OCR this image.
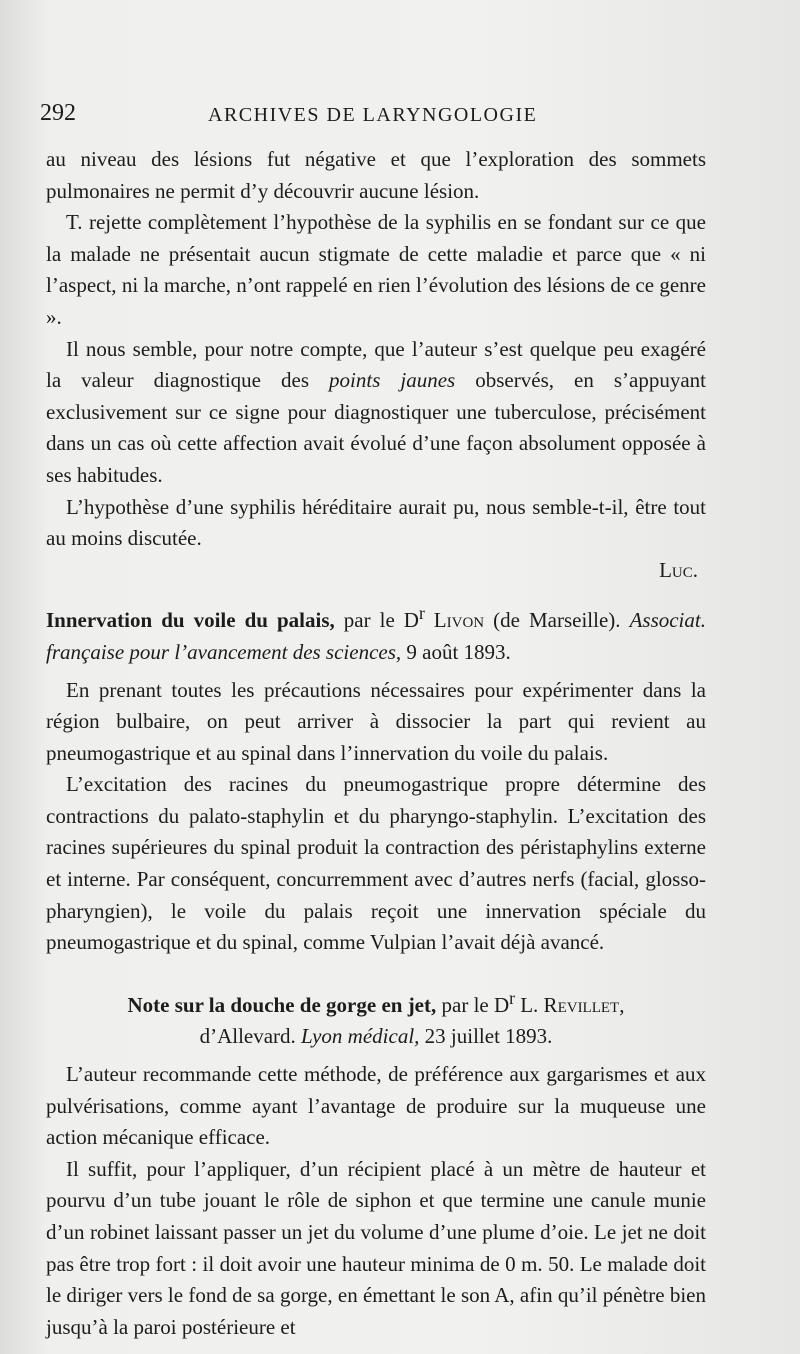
292	ARCHIVES DE LARYNGOLOGIE

au niveau des lésions fut négative et que l’exploration des sommets pulmonaires ne permit d’y découvrir aucune lésion.

T. rejette complètement l’hypothèse de la syphilis en se fondant sur ce que la malade ne présentait aucun stigmate de cette maladie et parce que « ni l’aspect, ni la marche, n’ont rappelé en rien l’évolution des lésions de ce genre ».

Il nous semble, pour notre compte, que l’auteur s’est quelque peu exagéré la valeur diagnostique des points jaunes observés, en s’appuyant exclusivement sur ce signe pour diagnostiquer une tuberculose, précisément dans un cas où cette affection avait évolué d’une façon absolument opposée à ses habitudes.

L’hypothèse d’une syphilis héréditaire aurait pu, nous semble-t-il, être tout au moins discutée.

Luc.

Innervation du voile du palais, par le $D^r$ Livon (de Marseille). Associat. française pour l’avancement des sciences, 9 août 1893.

En prenant toutes les précautions nécessaires pour expérimenter dans la région bulbaire, on peut arriver à dissocier la part qui revient au pneumogastrique et au spinal dans l’innervation du voile du palais.

L’excitation des racines du pneumogastrique propre détermine des contractions du palato-staphylin et du pharyngo-staphylin. L’excitation des racines supérieures du spinal produit la contraction des péristaphylins externe et interne. Par conséquent, concurremment avec d’autres nerfs (facial, glosso-pharyngien), le voile du palais reçoit une innervation spéciale du pneumogastrique et du spinal, comme Vulpian l’avait déjà avancé.

Note sur la douche de gorge en jet, par le $D^r$ L. Revillet,
d’Allevard. Lyon médical, 23 juillet 1893.

L’auteur recommande cette méthode, de préférence aux gargarismes et aux pulvérisations, comme ayant l’avantage de produire sur la muqueuse une action mécanique efficace.

Il suffit, pour l’appliquer, d’un récipient placé à un mètre de hauteur et pourvu d’un tube jouant le rôle de siphon et que termine une canule munie d’un robinet laissant passer un jet du volume d’une plume d’oie. Le jet ne doit pas être trop fort : il doit avoir une hauteur minima de 0 m. 50. Le malade doit le diriger vers le fond de sa gorge, en émettant le son A, afin qu’il pénètre bien jusqu’à la paroi postérieure et
